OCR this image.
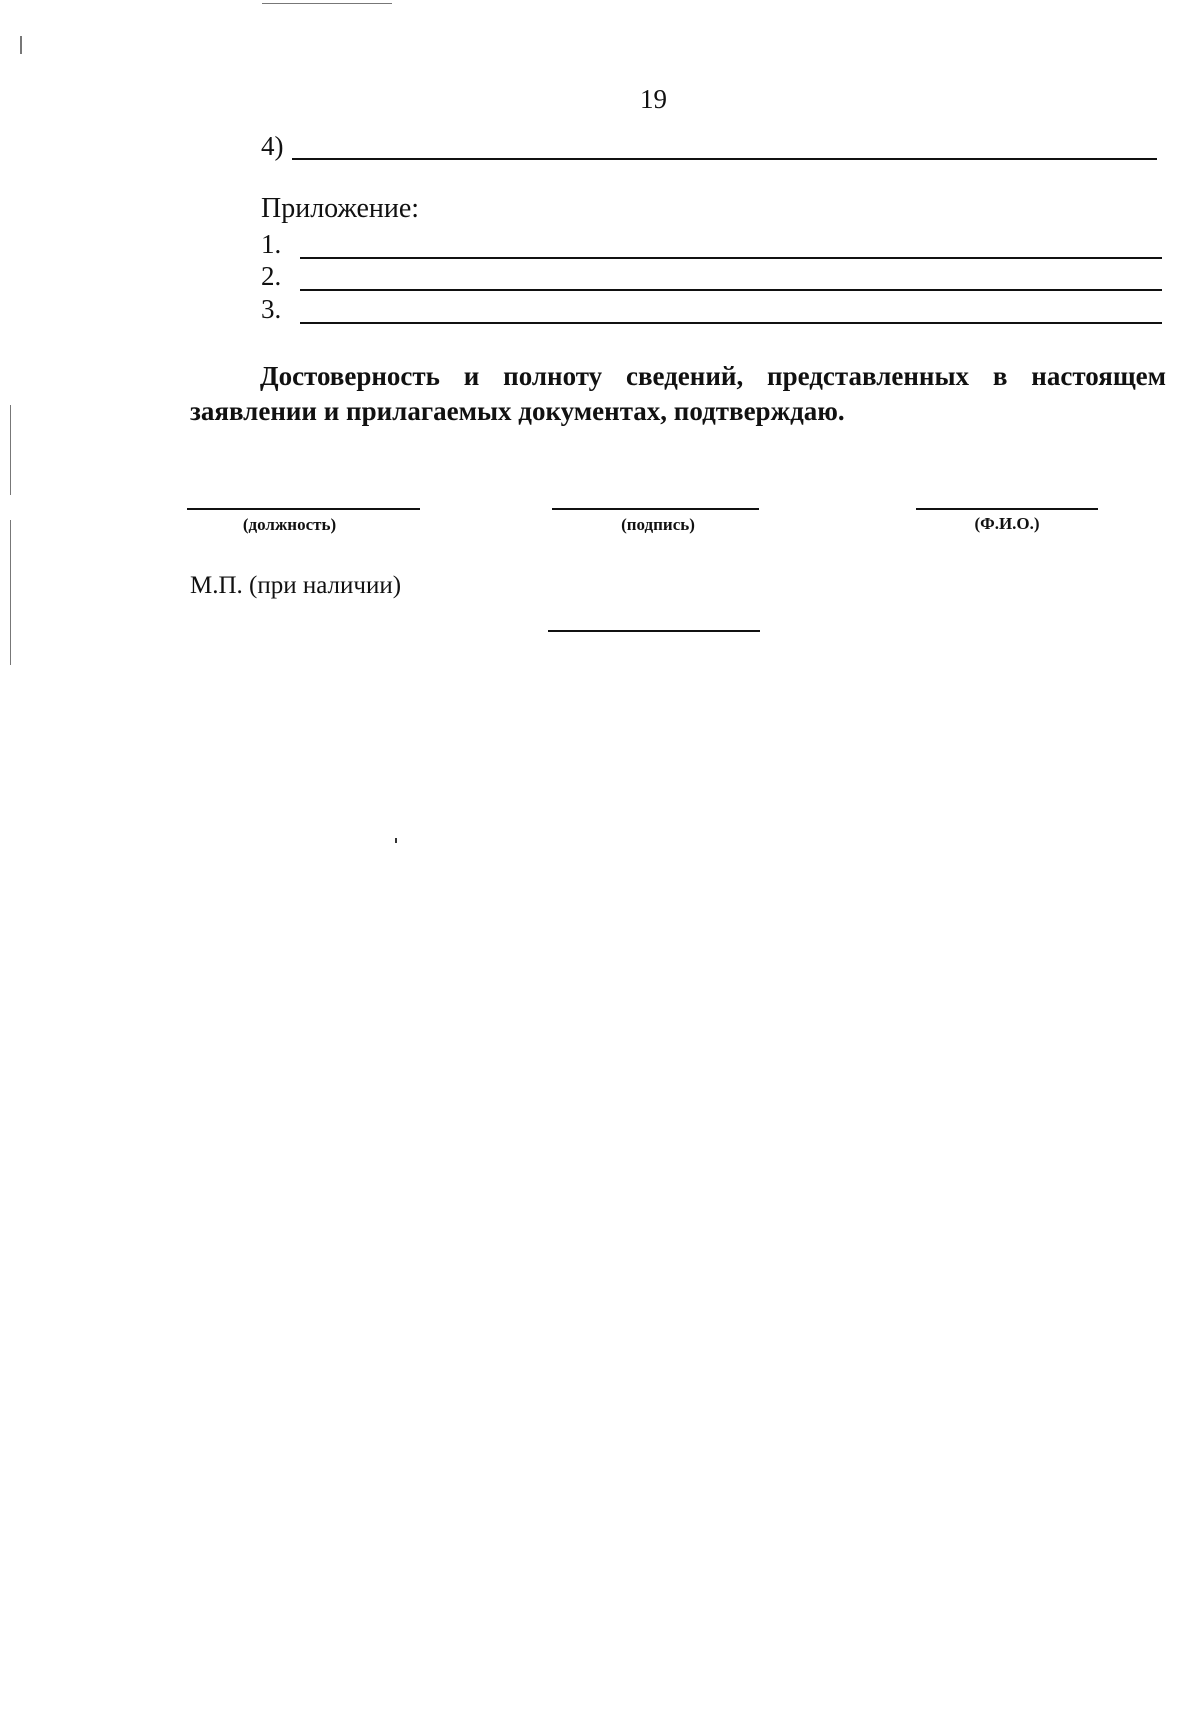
19
4)
Приложение:
1.
2.
3.
Достоверность и полноту сведений, представленных в настоящем заявлении и прилагаемых документах, подтверждаю.
(должность)	(подпись)	(Ф.И.О.)
М.П. (при наличии)
